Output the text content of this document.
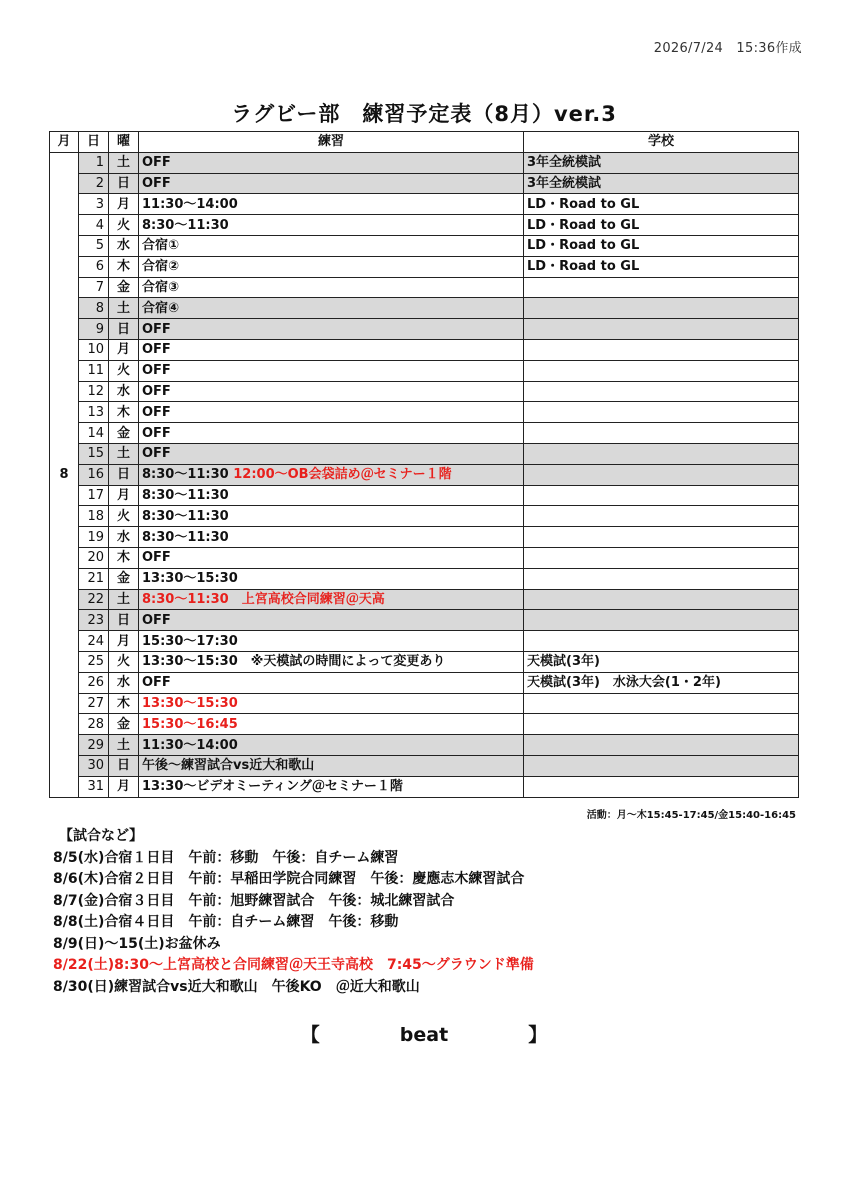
2026/7/24　15:36作成
ラグビー部　練習予定表（8月）ver.3
月	日	曜	練習	学校
8	1	土	OFF	3年全統模試
	2	日	OFF	3年全統模試
	3	月	11:30～14:00	LD・Road to GL
	4	火	8:30～11:30	LD・Road to GL
	5	水	合宿①	LD・Road to GL
	6	木	合宿②	LD・Road to GL
	7	金	合宿③	
	8	土	合宿④	
	9	日	OFF	
	10	月	OFF	
	11	火	OFF	
	12	水	OFF	
	13	木	OFF	
	14	金	OFF	
	15	土	OFF	
	16	日	8:30～11:30 12:00～OB会袋詰め＠セミナー１階	
	17	月	8:30～11:30	
	18	火	8:30～11:30	
	19	水	8:30～11:30	
	20	木	OFF	
	21	金	13:30～15:30	
	22	土	8:30～11:30　上宮高校合同練習＠天高	
	23	日	OFF	
	24	月	15:30～17:30	
	25	火	13:30～15:30　※天模試の時間によって変更あり	天模試(3年)
	26	水	OFF	天模試(3年)　水泳大会(1・2年)
	27	木	13:30～15:30	
	28	金	15:30～16:45	
	29	土	11:30～14:00	
	30	日	午後～練習試合vs近大和歌山	
	31	月	13:30～ビデオミーティング＠セミナー１階	
活動：月～木15:45-17:45/金15:40-16:45
【試合など】
8/5(水)合宿１日目　午前：移動　午後：自チーム練習
8/6(木)合宿２日目　午前：早稲田学院合同練習　午後：慶應志木練習試合
8/7(金)合宿３日目　午前：旭野練習試合　午後：城北練習試合
8/8(土)合宿４日目　午前：自チーム練習　午後：移動
8/9(日)～15(土)お盆休み
8/22(土)8:30～上宮高校と合同練習＠天王寺高校　7:45～グラウンド準備
8/30(日)練習試合vs近大和歌山　午後KO　＠近大和歌山
【	beat	】
